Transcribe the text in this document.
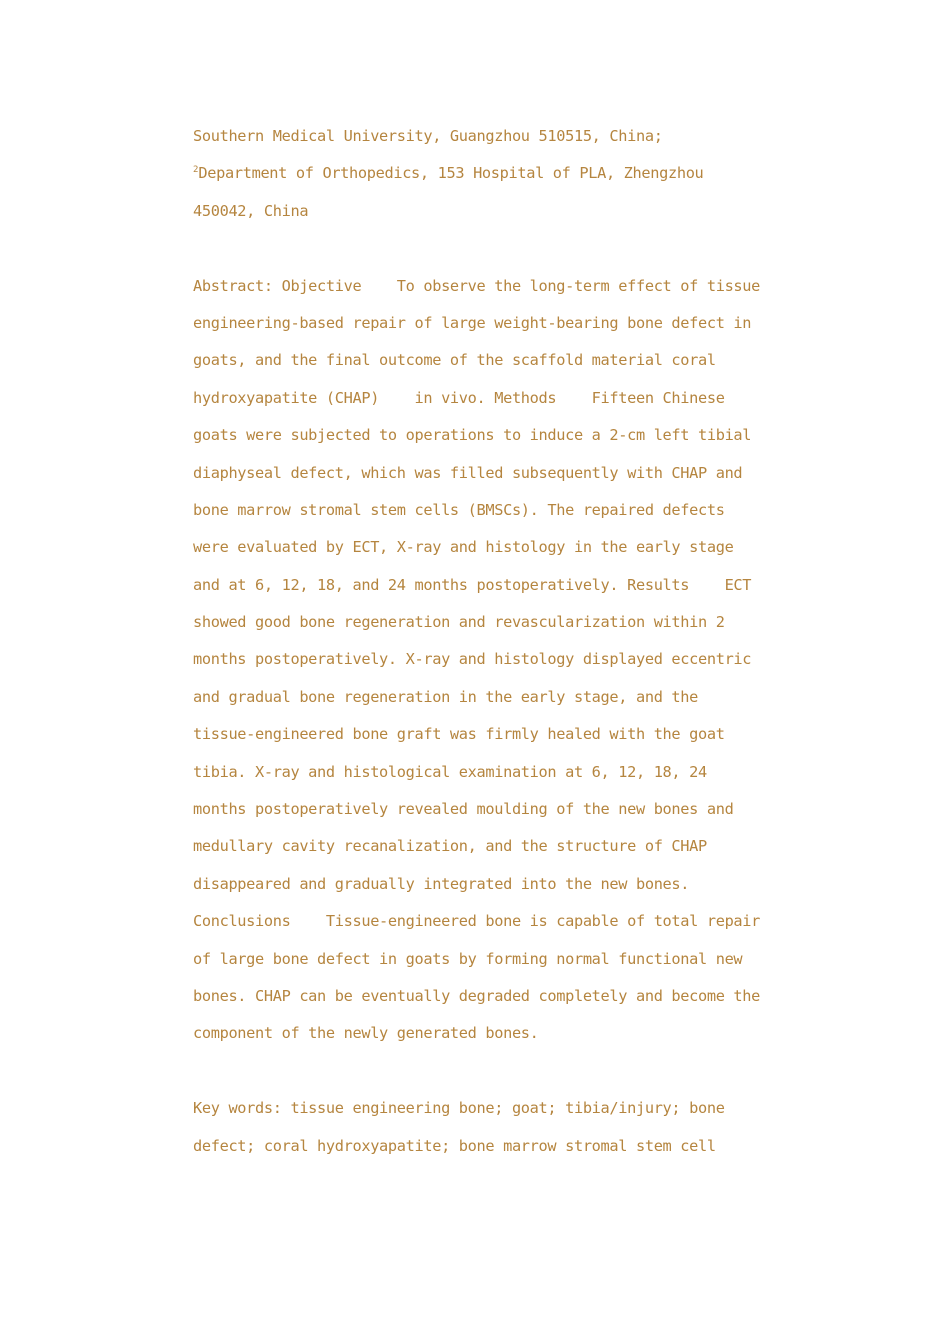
Southern Medical University, Guangzhou 510515, China;
$^2$Department of Orthopedics, 153 Hospital of PLA, Zhengzhou
450042, China
Abstract: Objective    To observe the long-term effect of tissue
engineering-based repair of large weight-bearing bone defect in
goats, and the final outcome of the scaffold material coral
hydroxyapatite (CHAP)    in vivo. Methods    Fifteen Chinese
goats were subjected to operations to induce a 2-cm left tibial
diaphyseal defect, which was filled subsequently with CHAP and
bone marrow stromal stem cells (BMSCs). The repaired defects
were evaluated by ECT, X-ray and histology in the early stage
and at 6, 12, 18, and 24 months postoperatively. Results    ECT
showed good bone regeneration and revascularization within 2
months postoperatively. X-ray and histology displayed eccentric
and gradual bone regeneration in the early stage, and the
tissue-engineered bone graft was firmly healed with the goat
tibia. X-ray and histological examination at 6, 12, 18, 24
months postoperatively revealed moulding of the new bones and
medullary cavity recanalization, and the structure of CHAP
disappeared and gradually integrated into the new bones.
Conclusions    Tissue-engineered bone is capable of total repair
of large bone defect in goats by forming normal functional new
bones. CHAP can be eventually degraded completely and become the
component of the newly generated bones.
Key words: tissue engineering bone; goat; tibia/injury; bone
defect; coral hydroxyapatite; bone marrow stromal stem cell
